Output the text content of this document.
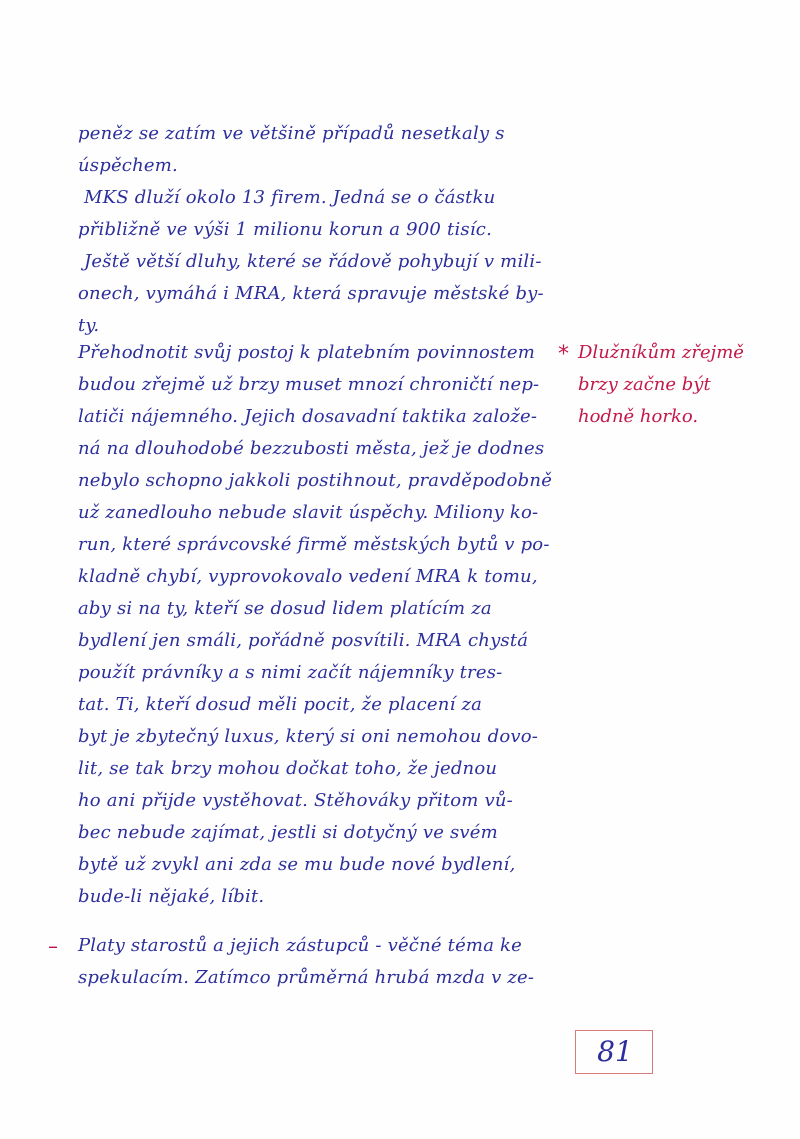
peněz se zatím ve většině případů nesetkaly s
úspěchem.
MKS dluží okolo 13 firem. Jedná se o částku
přibližně ve výši 1 milionu korun a 900 tisíc.
Ještě větší dluhy, které se řádově pohybují v mili-
onech, vymáhá i MRA, která spravuje městské by-
ty.
Přehodnotit svůj postoj k platebním povinnostem
budou zřejmě už brzy muset mnozí chroničtí nep-
latiči nájemného. Jejich dosavadní taktika založe-
ná na dlouhodobé bezzubosti města, jež je dodnes
nebylo schopno jakkoli postihnout, pravděpodobně
už zanedlouho nebude slavit úspěchy. Miliony ko-
run, které správcovské firmě městských bytů v po-
kladně chybí, vyprovokovalo vedení MRA k tomu,
aby si na ty, kteří se dosud lidem platícím za
bydlení jen smáli, pořádně posvítili. MRA chystá
použít právníky a s nimi začít nájemníky tres-
tat. Ti, kteří dosud měli pocit, že placení za
byt je zbytečný luxus, který si oni nemohou dovo-
lit, se tak brzy mohou dočkat toho, že jednou
ho ani přijde vystěhovat. Stěhováky přitom vů-
bec nebude zajímat, jestli si dotyčný ve svém
bytě už zvykl ani zda se mu bude nové bydlení,
bude-li nějaké, líbit.
– Platy starostů a jejich zástupců - věčné téma ke
spekulacím. Zatímco průměrná hrubá mzda v ze-
* Dlužníkům zřejmě
brzy začne být
hodně horko.
81
